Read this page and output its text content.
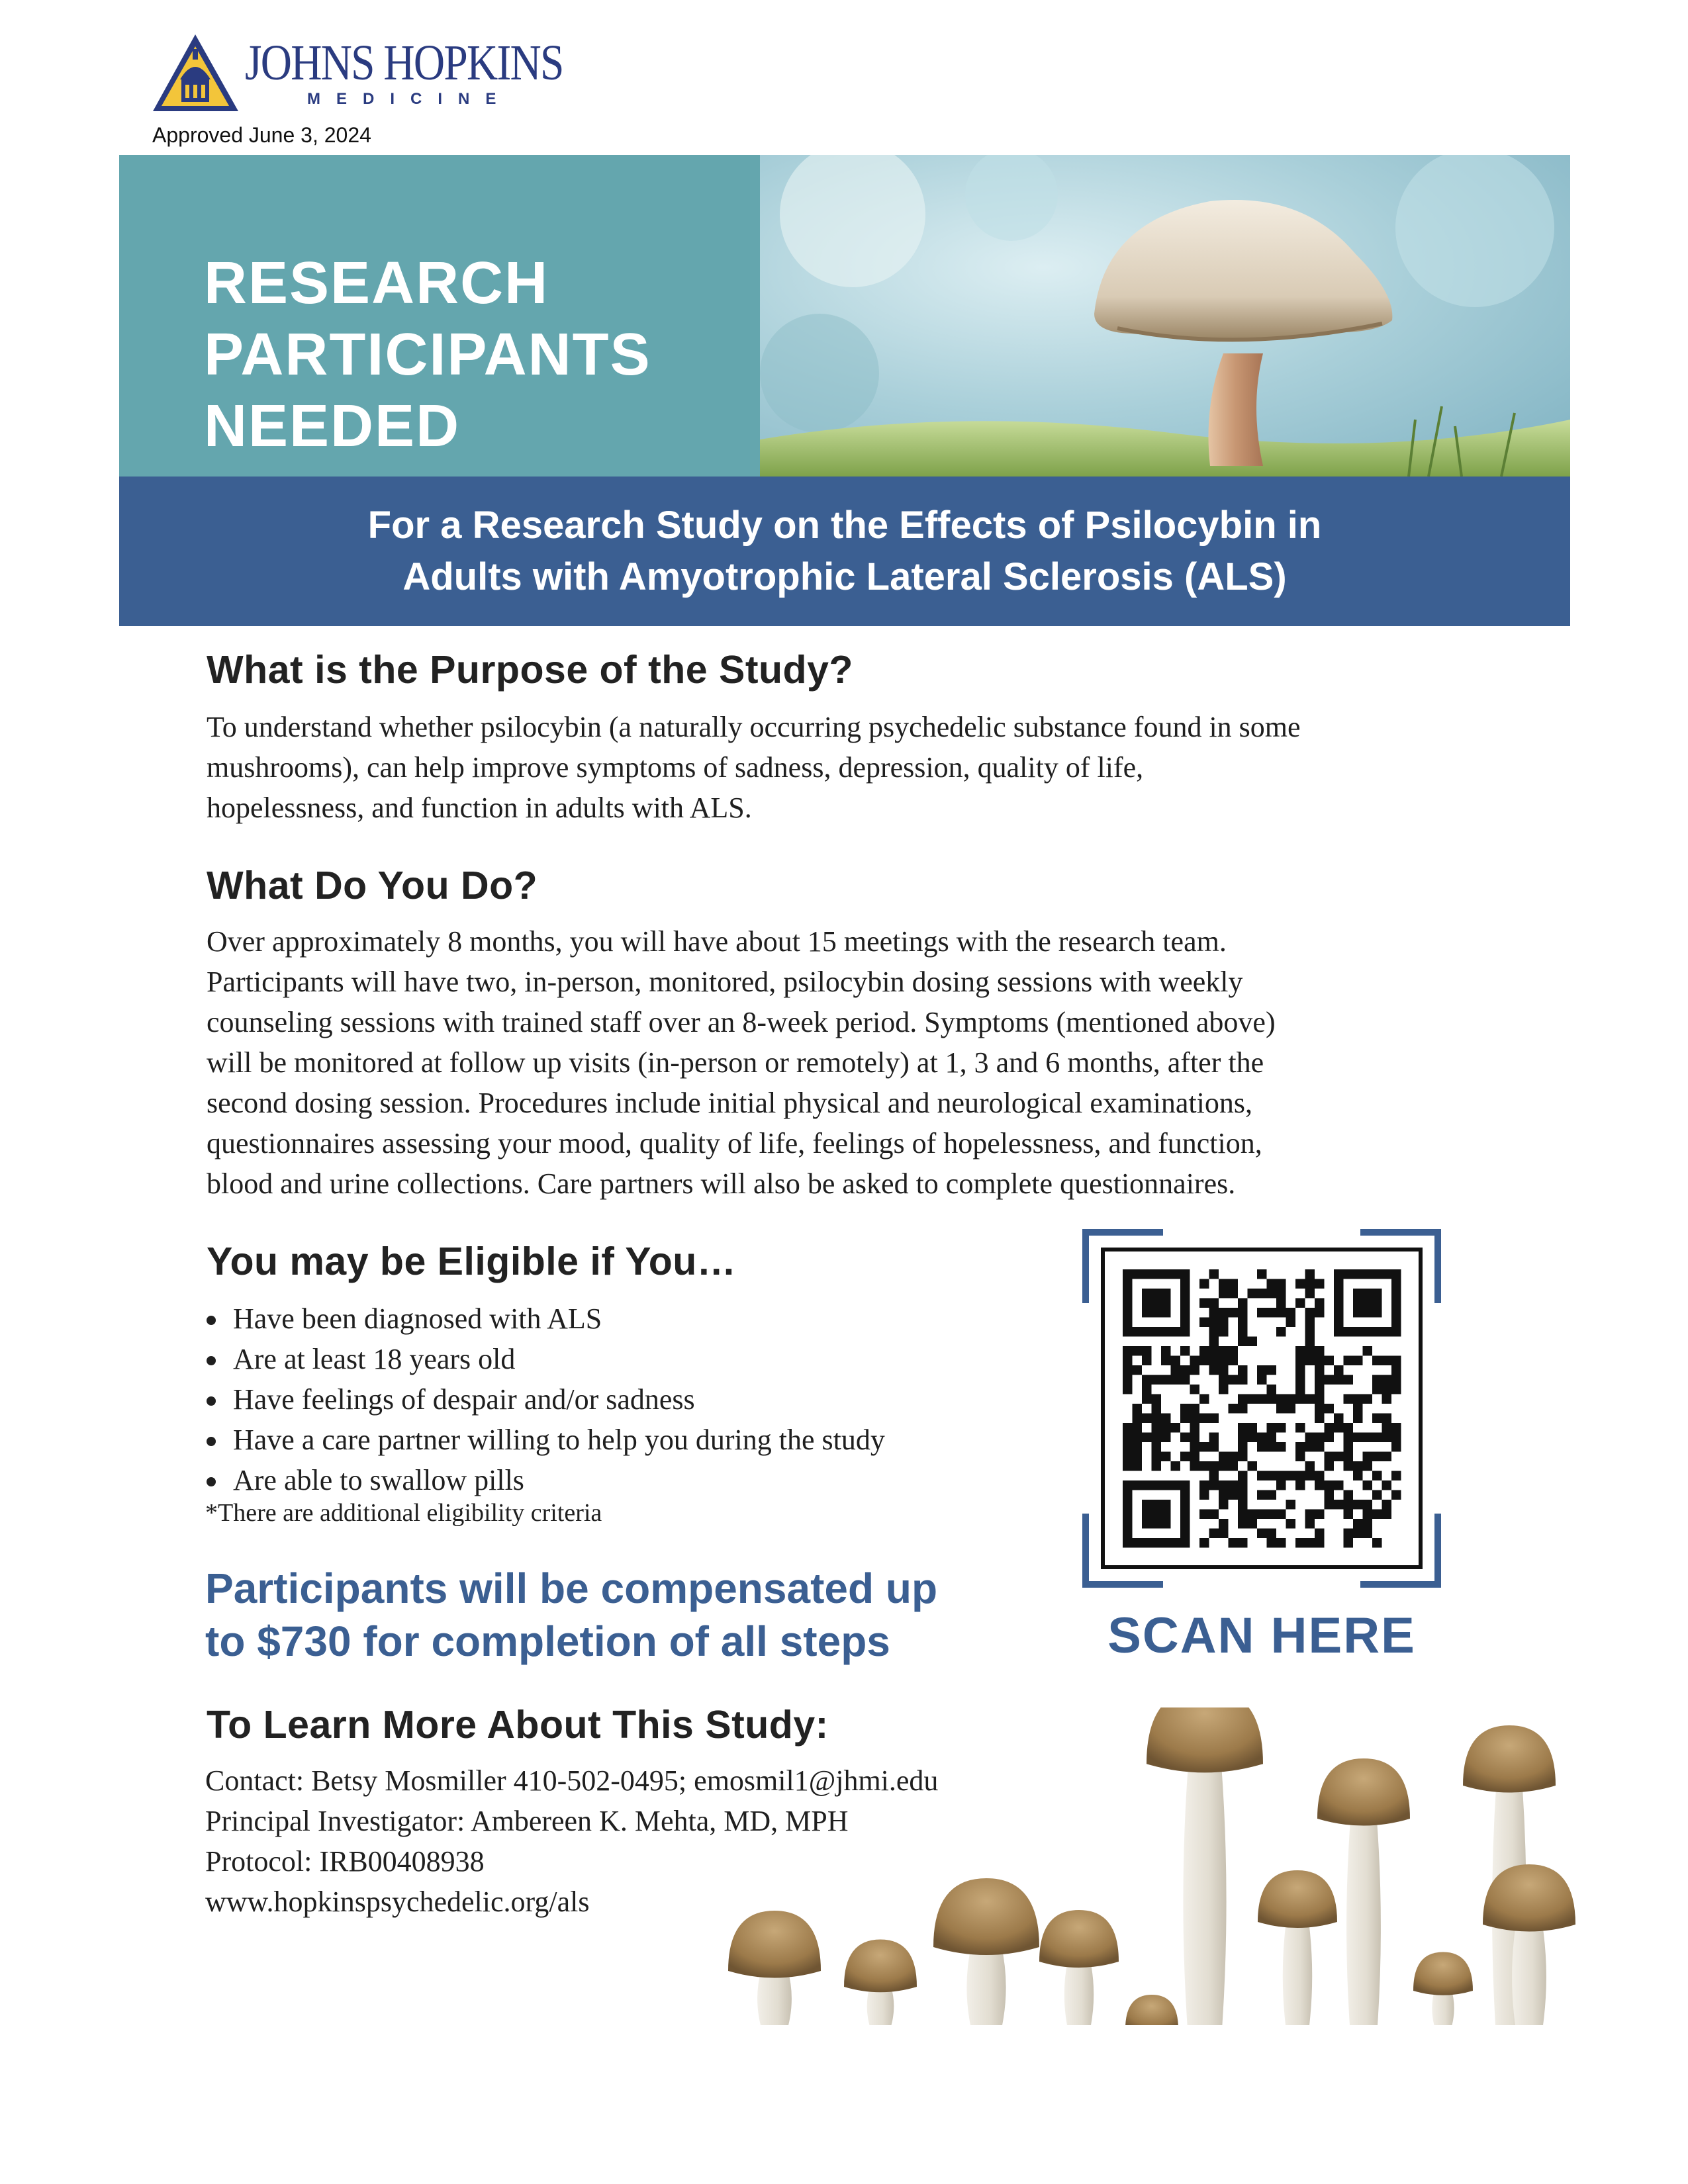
JOHNS HOPKINS
MEDICINE
Approved June 3, 2024
RESEARCH
PARTICIPANTS
NEEDED
For a Research Study on the Effects of Psilocybin in
Adults with Amyotrophic Lateral Sclerosis (ALS)
What is the Purpose of the Study?
To understand whether psilocybin (a naturally occurring psychedelic substance found in some
mushrooms), can help improve symptoms of sadness, depression, quality of life,
hopelessness, and function in adults with ALS.
What Do You Do?
Over approximately 8 months, you will have about 15 meetings with the research team.
Participants will have two, in-person, monitored, psilocybin dosing sessions with weekly
counseling sessions with trained staff over an 8-week period. Symptoms (mentioned above)
will be monitored at follow up visits (in-person or remotely) at 1, 3 and 6 months, after the
second dosing session. Procedures include initial physical and neurological examinations,
questionnaires assessing your mood, quality of life, feelings of hopelessness, and function,
blood and urine collections. Care partners will also be asked to complete questionnaires.
You may be Eligible if You…
Have been diagnosed with ALS
Are at least 18 years old
Have feelings of despair and/or sadness
Have a care partner willing to help you during the study
Are able to swallow pills
*There are additional eligibility criteria
Participants will be compensated up
to $730 for completion of all steps	SCAN HERE
To Learn More About This Study:
Contact: Betsy Mosmiller 410-502-0495; emosmil1@jhmi.edu
Principal Investigator: Ambereen K. Mehta, MD, MPH
Protocol: IRB00408938
www.hopkinspsychedelic.org/als
